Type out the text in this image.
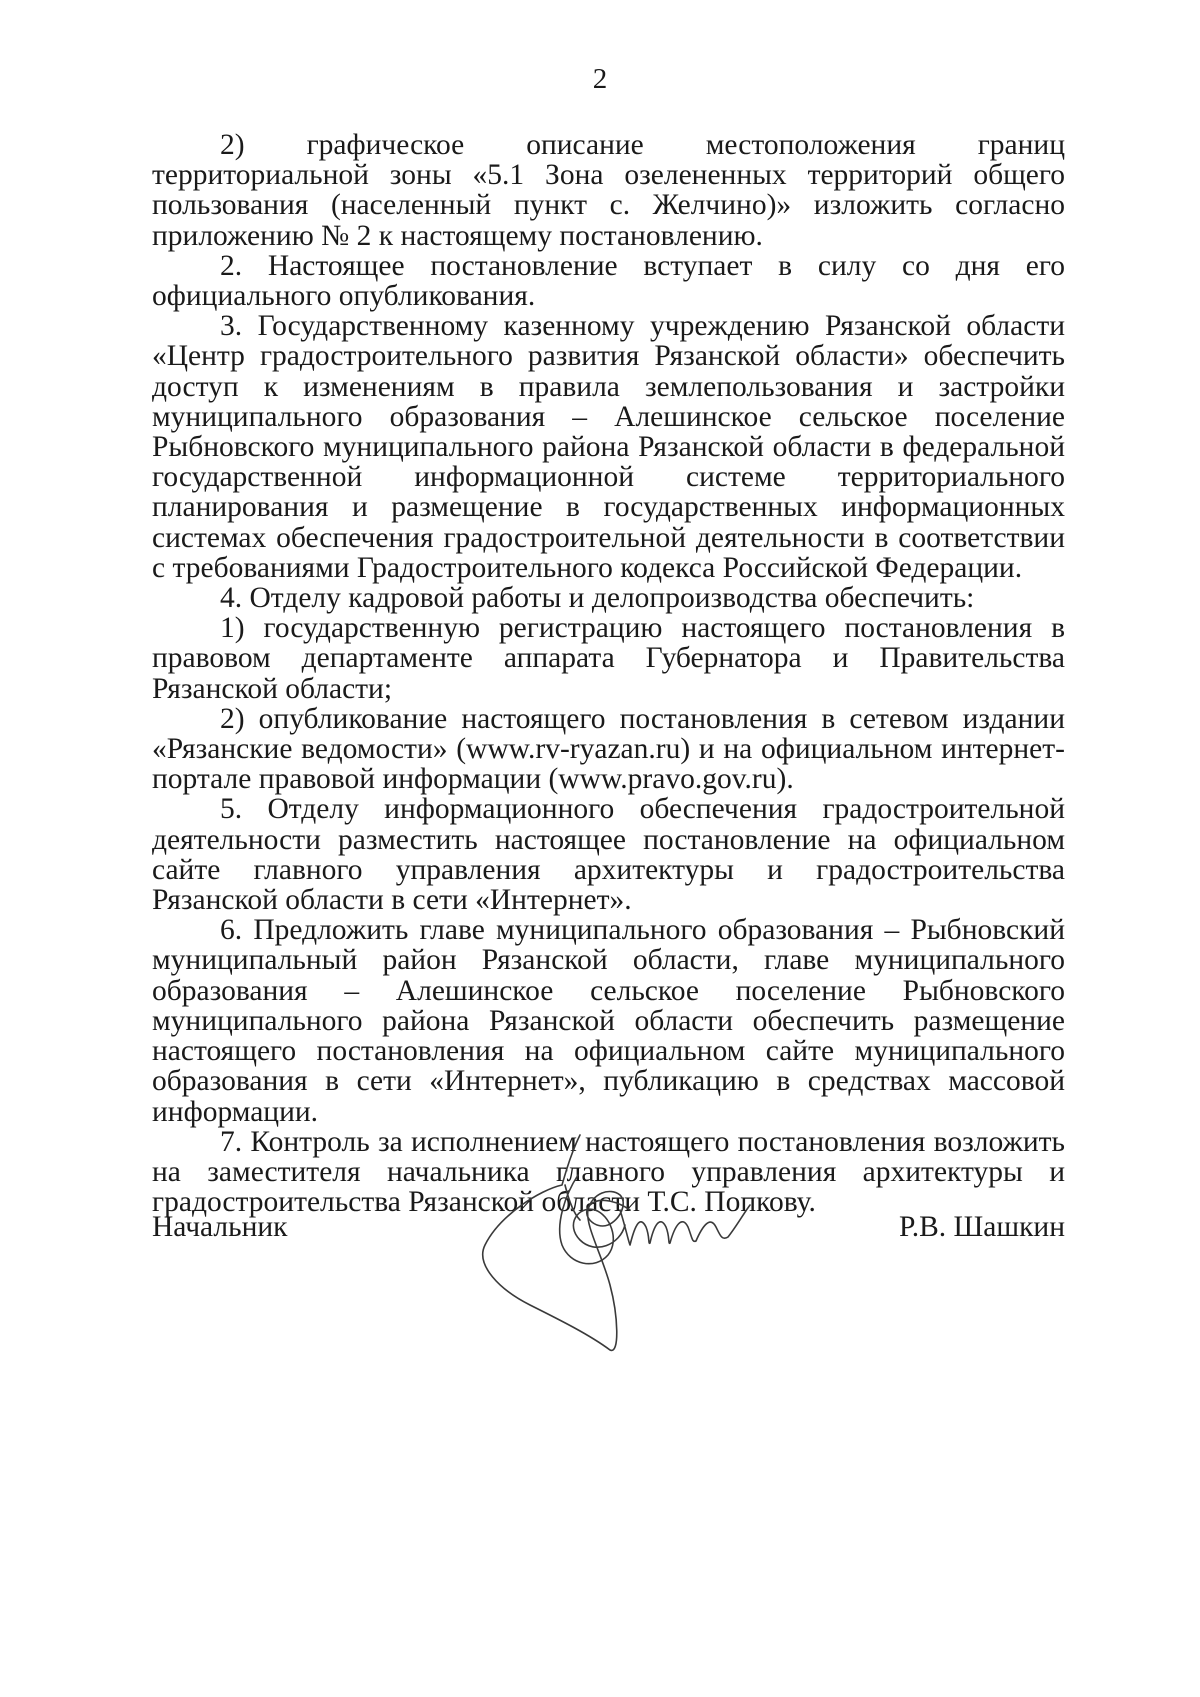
2

2) графическое описание местоположения границ территориальной зоны «5.1 Зона озелененных территорий общего пользования (населенный пункт с. Желчино)» изложить согласно приложению № 2 к настоящему постановлению.

2. Настоящее постановление вступает в силу со дня его официального опубликования.

3. Государственному казенному учреждению Рязанской области «Центр градостроительного развития Рязанской области» обеспечить доступ к изменениям в правила землепользования и застройки муниципального образования – Алешинское сельское поселение Рыбновского муниципального района Рязанской области в федеральной государственной информационной системе территориального планирования и размещение в государственных информационных системах обеспечения градостроительной деятельности в соответствии с требованиями Градостроительного кодекса Российской Федерации.

4. Отделу кадровой работы и делопроизводства обеспечить:

1) государственную регистрацию настоящего постановления в правовом департаменте аппарата Губернатора и Правительства Рязанской области;

2) опубликование настоящего постановления в сетевом издании «Рязанские ведомости» (www.rv-ryazan.ru) и на официальном интернет-портале правовой информации (www.pravo.gov.ru).

5. Отделу информационного обеспечения градостроительной деятельности разместить настоящее постановление на официальном сайте главного управления архитектуры и градостроительства Рязанской области в сети «Интернет».

6. Предложить главе муниципального образования – Рыбновский муниципальный район Рязанской области, главе муниципального образования – Алешинское сельское поселение Рыбновского муниципального района Рязанской области обеспечить размещение настоящего постановления на официальном сайте муниципального образования в сети «Интернет», публикацию в средствах массовой информации.

7. Контроль за исполнением настоящего постановления возложить на заместителя начальника главного управления архитектуры и градостроительства Рязанской области Т.С. Попкову.

Начальник	Р.В. Шашкин
